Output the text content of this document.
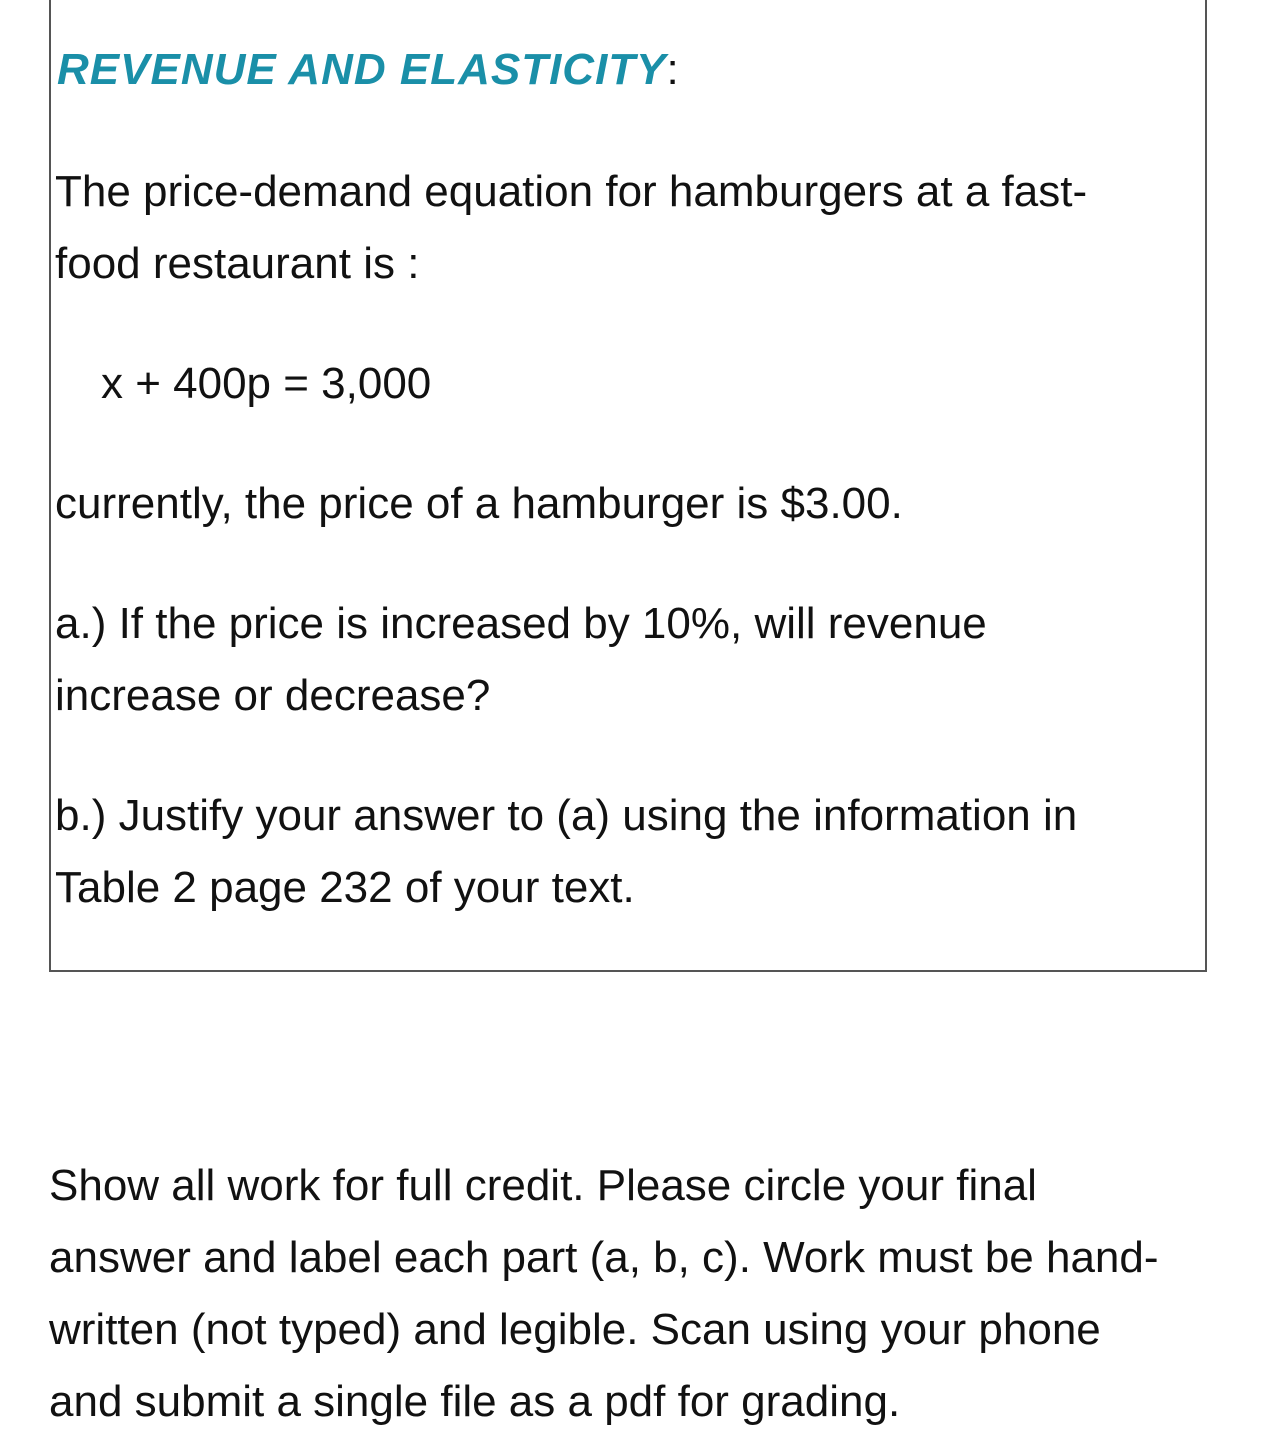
REVENUE AND ELASTICITY:

The price-demand equation for hamburgers at a fast-
food restaurant is :

x + 400p = 3,000

currently, the price of a hamburger is $3.00.

a.) If the price is increased by 10%, will revenue
increase or decrease?

b.) Justify your answer to (a) using the information in
Table 2 page 232 of your text.

Show all work for full credit. Please circle your final
answer and label each part (a, b, c). Work must be hand-
written (not typed) and legible. Scan using your phone
and submit a single file as a pdf for grading.
